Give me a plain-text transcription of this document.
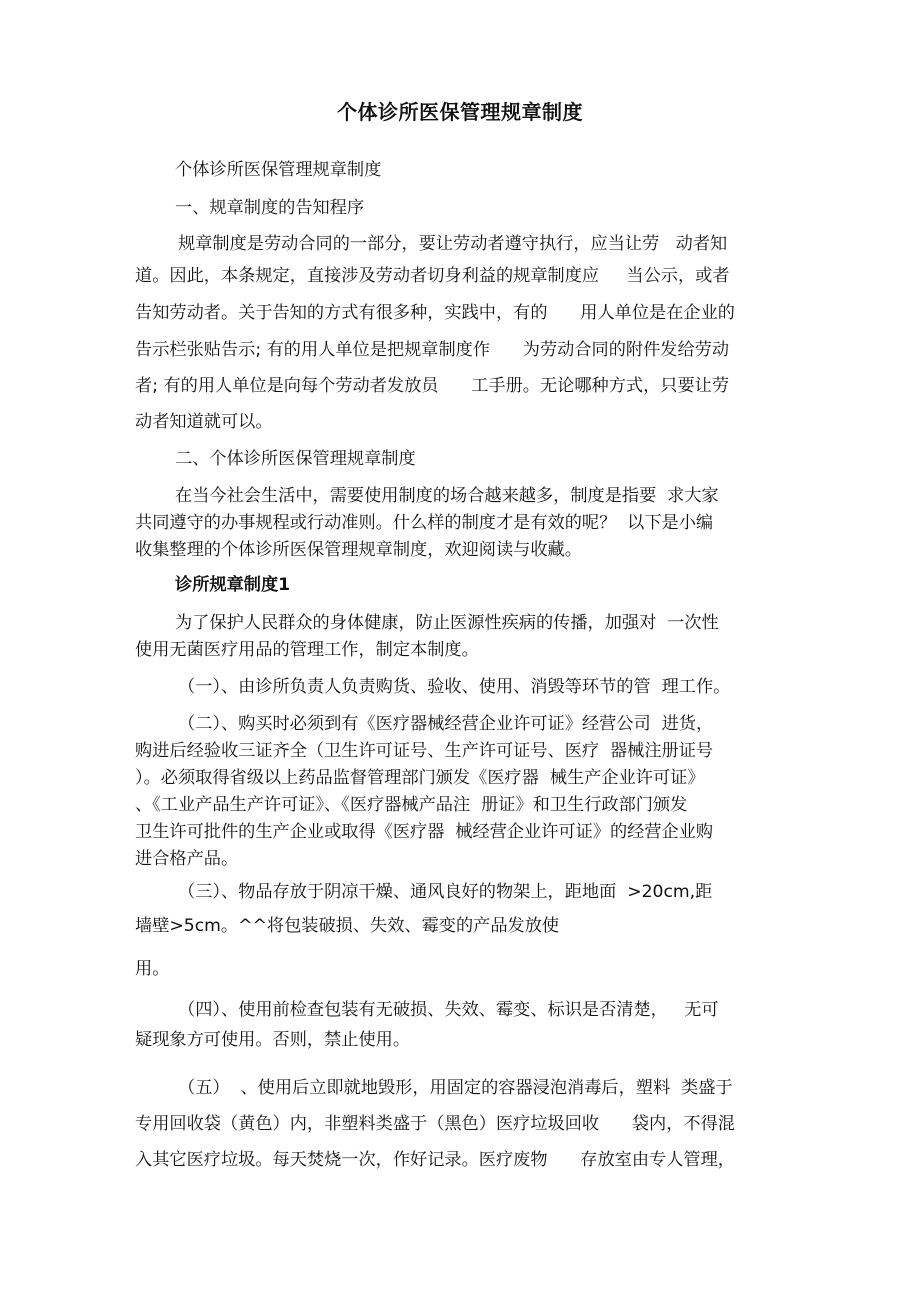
个体诊所医保管理规章制度
个体诊所医保管理规章制度
一、规章制度的告知程序
规章制度是劳动合同的一部分，要让劳动者遵守执行，应当让劳   动者知
道。因此，本条规定，直接涉及劳动者切身利益的规章制度应     当公示，或者
告知劳动者。关于告知的方式有很多种，实践中，有的      用人单位是在企业的
告示栏张贴告示; 有的用人单位是把规章制度作      为劳动合同的附件发给劳动
者; 有的用人单位是向每个劳动者发放员      工手册。无论哪种方式，只要让劳
动者知道就可以。
二、个体诊所医保管理规章制度
在当今社会生活中，需要使用制度的场合越来越多，制度是指要  求大家
共同遵守的办事规程或行动准则。什么样的制度才是有效的呢？  以下是小编
收集整理的个体诊所医保管理规章制度，欢迎阅读与收藏。
诊所规章制度1
为了保护人民群众的身体健康，防止医源性疾病的传播，加强对  一次性
使用无菌医疗用品的管理工作，制定本制度。
（一）、由诊所负责人负责购货、验收、使用、消毁等环节的管  理工作。
（二）、购买时必须到有《医疗器械经营企业许可证》经营公司  进货，
购进后经验收三证齐全（卫生许可证号、生产许可证号、医疗  器械注册证号
）。必须取得省级以上药品监督管理部门颁发《医疗器  械生产企业许可证》
、《工业产品生产许可证》、《医疗器械产品注  册证》和卫生行政部门颁发
卫生许可批件的生产企业或取得《医疗器  械经营企业许可证》的经营企业购
进合格产品。
（三）、物品存放于阴凉干燥、通风良好的物架上，距地面  >20cm,距
墙壁>5cm。^^将包装破损、失效、霉变的产品发放使
用。
（四）、使用前检查包装有无破损、失效、霉变、标识是否清楚，   无可
疑现象方可使用。否则，禁止使用。
（五）  、使用后立即就地毁形，用固定的容器浸泡消毒后，塑料  类盛于
专用回收袋（黄色）内，非塑料类盛于（黑色）医疗垃圾回收      袋内，不得混
入其它医疗垃圾。每天焚烧一次，作好记录。医疗废物      存放室由专人管理，
